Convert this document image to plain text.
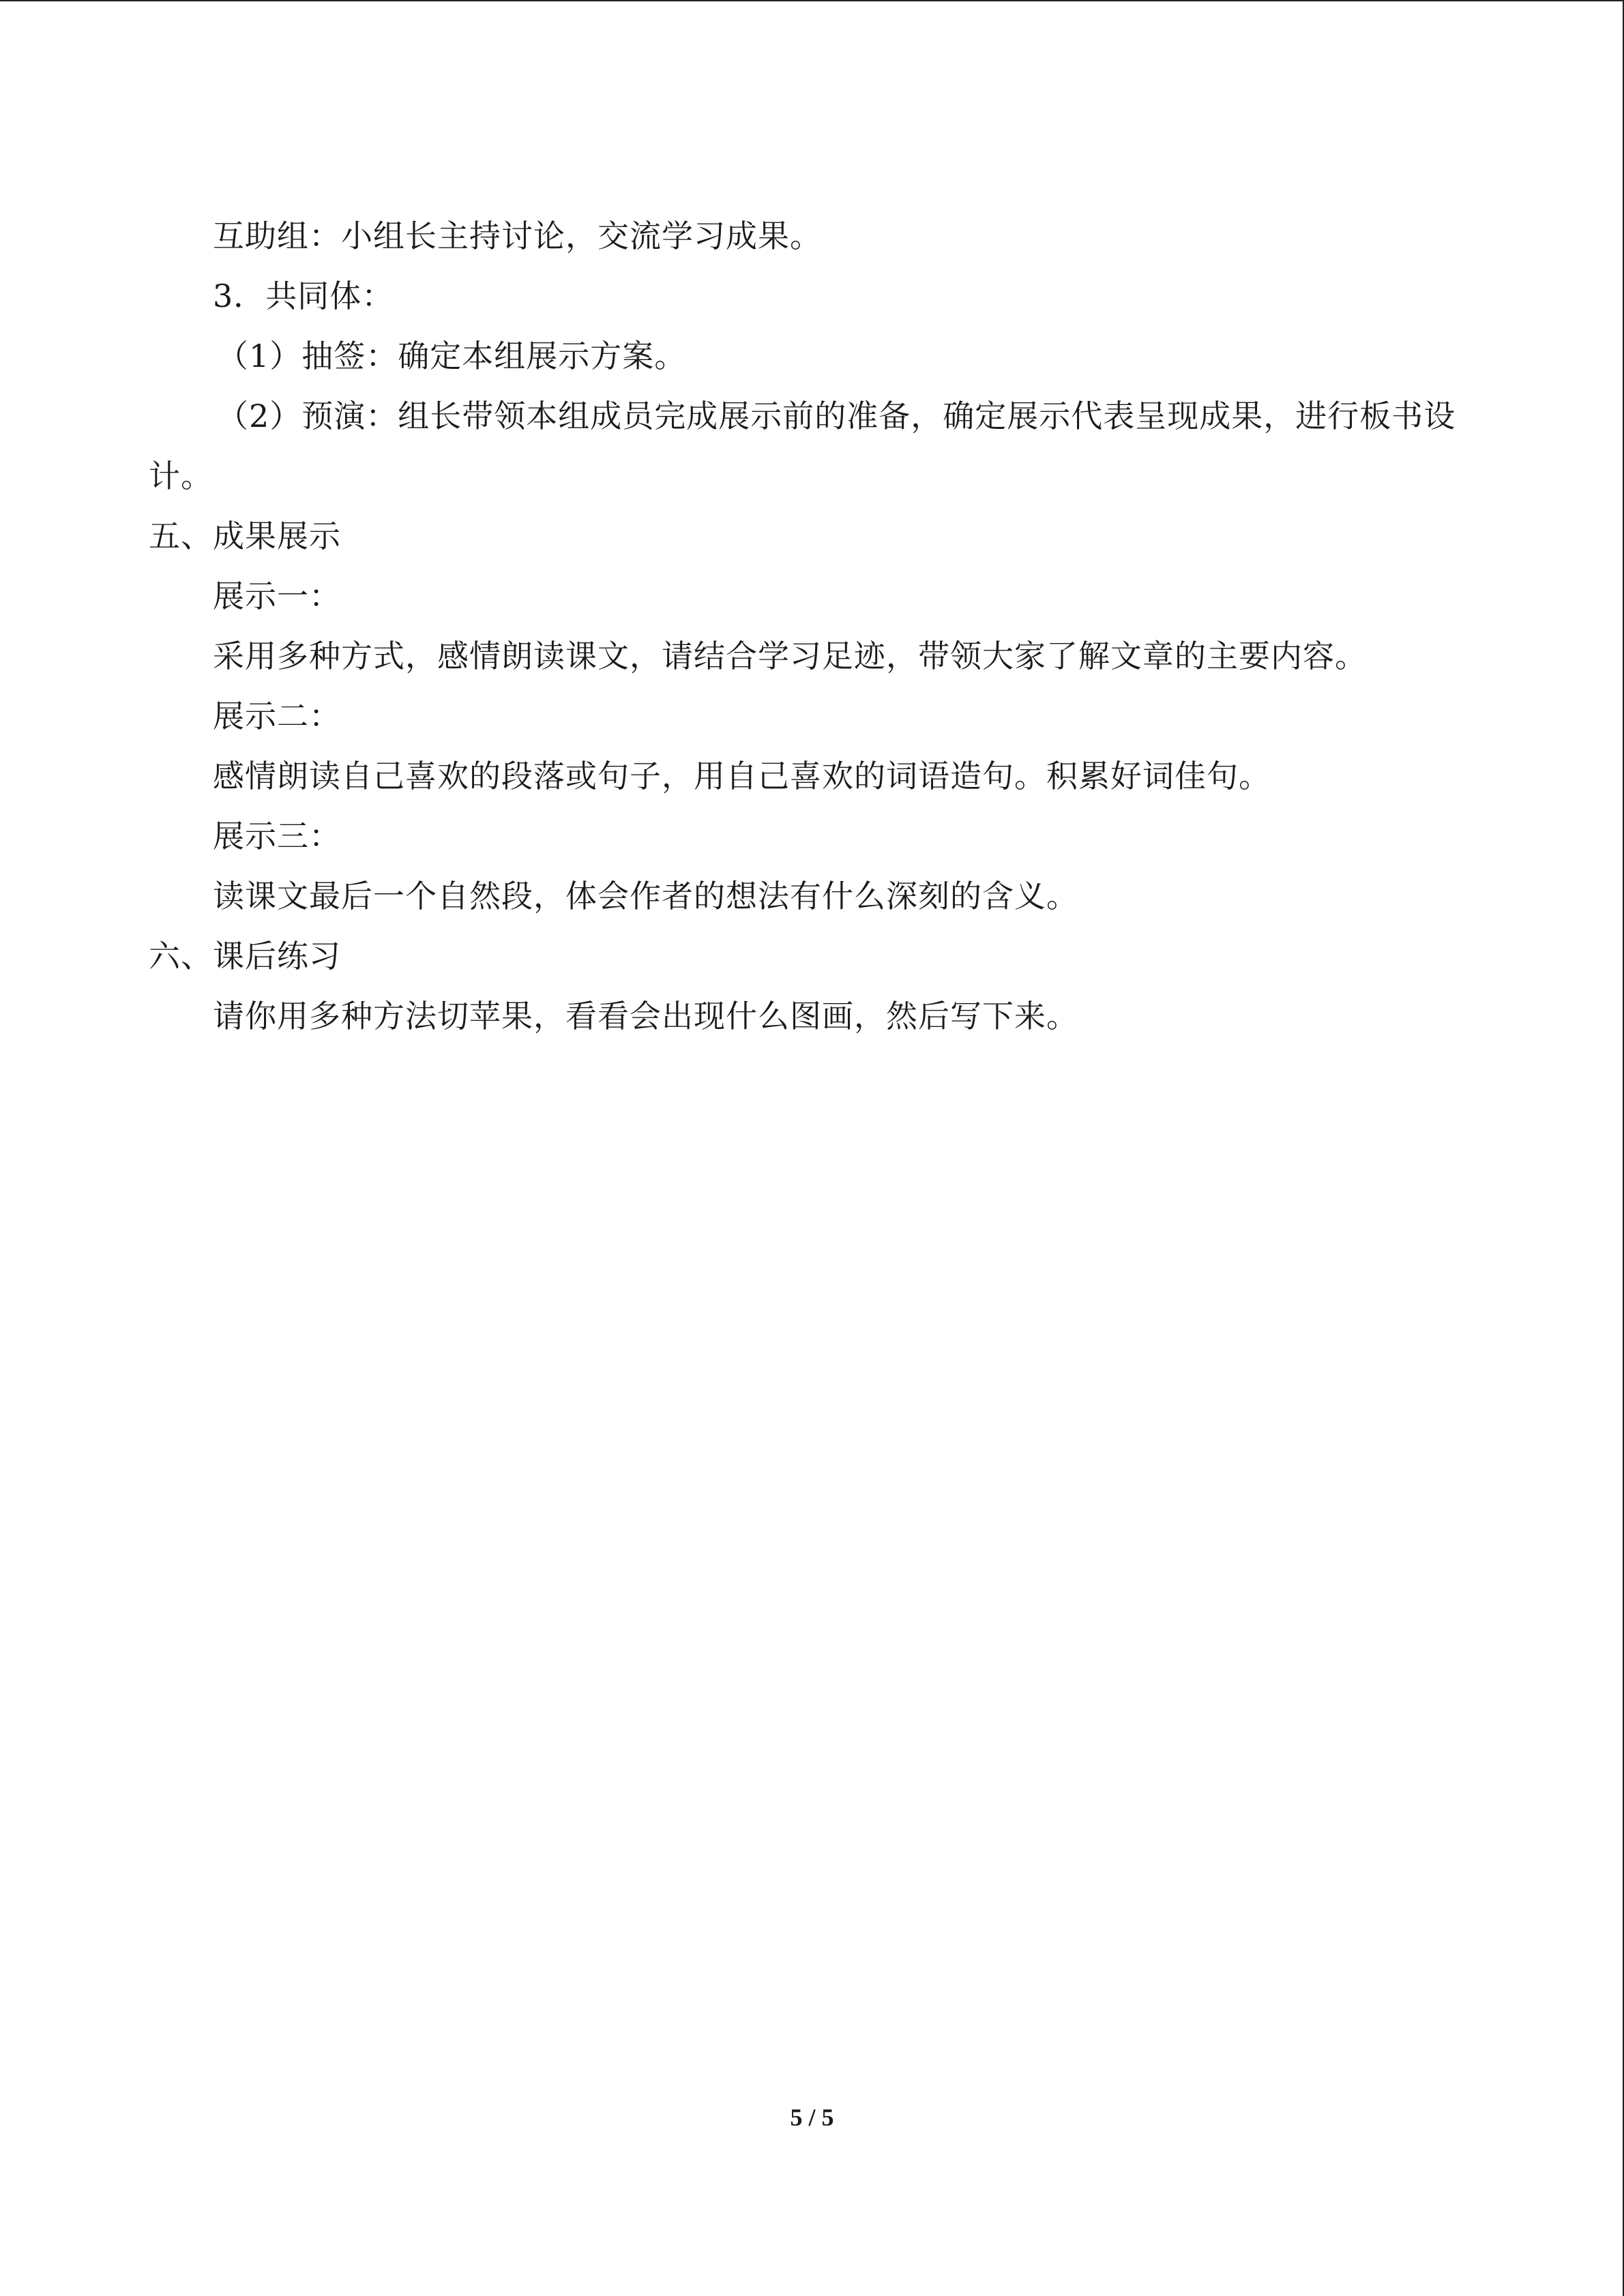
互助组：小组长主持讨论，交流学习成果。
3．共同体：
（1）抽签：确定本组展示方案。
（2）预演：组长带领本组成员完成展示前的准备，确定展示代表呈现成果，进行板书设
计。
五、成果展示
展示一：
采用多种方式，感情朗读课文，请结合学习足迹，带领大家了解文章的主要内容。
展示二：
感情朗读自己喜欢的段落或句子，用自己喜欢的词语造句。积累好词佳句。
展示三：
读课文最后一个自然段，体会作者的想法有什么深刻的含义。
六、课后练习
请你用多种方法切苹果，看看会出现什么图画，然后写下来。
5 / 5
